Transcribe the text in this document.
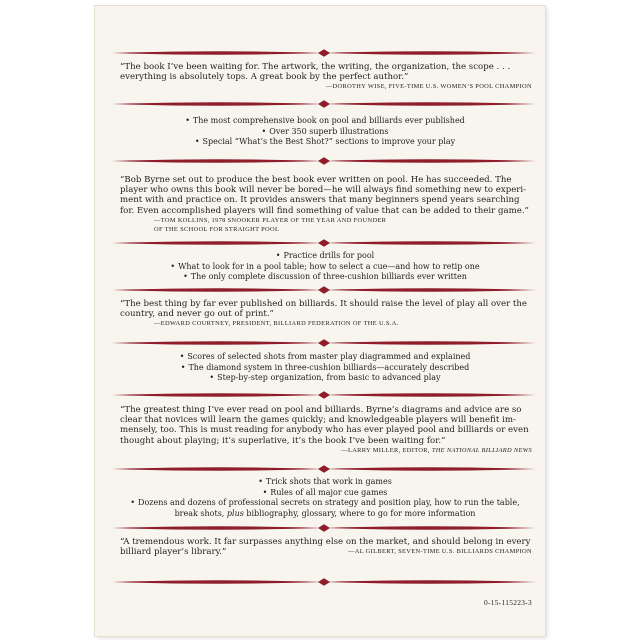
“The book I’ve been waiting for. The artwork, the writing, the organization, the scope . . .
everything is absolutely tops. A great book by the perfect author.”
—DOROTHY WISE, FIVE-TIME U.S. WOMEN’S POOL CHAMPION
• The most comprehensive book on pool and billiards ever published
• Over 350 superb illustrations
• Special “What’s the Best Shot?” sections to improve your play
“Bob Byrne set out to produce the best book ever written on pool. He has succeeded. The
player who owns this book will never be bored—he will always find something new to experi-
ment with and practice on. It provides answers that many beginners spend years searching
for. Even accomplished players will find something of value that can be added to their game.”
—TOM KOLLINS, 1978 SNOOKER PLAYER OF THE YEAR AND FOUNDER
OF THE SCHOOL FOR STRAIGHT POOL
• Practice drills for pool
• What to look for in a pool table; how to select a cue—and how to retip one
• The only complete discussion of three-cushion billiards ever written
“The best thing by far ever published on billiards. It should raise the level of play all over the
country, and never go out of print.”
—EDWARD COURTNEY, PRESIDENT, BILLIARD FEDERATION OF THE U.S.A.
• Scores of selected shots from master play diagrammed and explained
• The diamond system in three-cushion billiards—accurately described
• Step-by-step organization, from basic to advanced play
“The greatest thing I’ve ever read on pool and billiards. Byrne’s diagrams and advice are so
clear that novices will learn the games quickly; and knowledgeable players will benefit im-
mensely, too. This is must reading for anybody who has ever played pool and billiards or even
thought about playing; it’s superlative, it’s the book I’ve been waiting for.”
—LARRY MILLER, EDITOR, THE NATIONAL BILLIARD NEWS
• Trick shots that work in games
• Rules of all major cue games
• Dozens and dozens of professional secrets on strategy and position play, how to run the table,
break shots, plus bibliography, glossary, where to go for more information
“A tremendous work. It far surpasses anything else on the market, and should belong in every
billiard player’s library.”	—AL GILBERT, SEVEN-TIME U.S. BILLIARDS CHAMPION
0-15-115223-3
